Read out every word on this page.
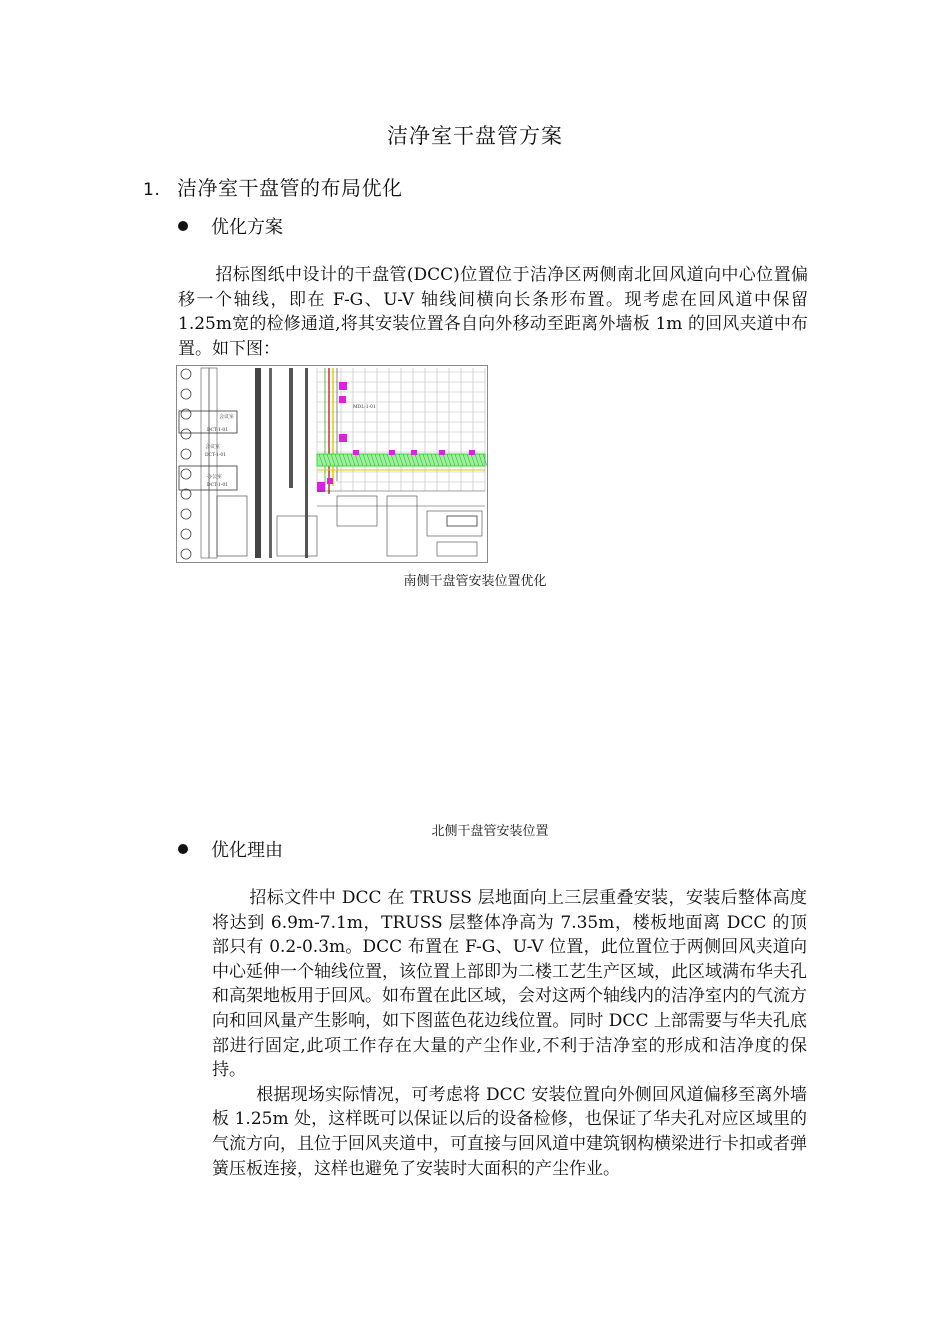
洁净室干盘管方案
1. 洁净室干盘管的布局优化
优化方案

招标图纸中设计的干盘管(DCC)位置位于洁净区两侧南北回风道向中心位置偏移一个轴线，即在 F-G、U-V 轴线间横向长条形布置。现考虑在回风道中保留1.25m宽的检修通道,将其安装位置各自向外移动至距离外墙板 1m 的回风夹道中布置。如下图：

会议室
DCT-1-01
会议室
DCT-1-01
办公室
DCT-1-01
MDL-1-01
南侧干盘管安装位置优化
北侧干盘管安装位置
优化理由

招标文件中 DCC 在 TRUSS 层地面向上三层重叠安装，安装后整体高度将达到 6.9m-7.1m，TRUSS 层整体净高为 7.35m，楼板地面离 DCC 的顶部只有 0.2-0.3m。DCC 布置在 F-G、U-V 位置，此位置位于两侧回风夹道向中心延伸一个轴线位置，该位置上部即为二楼工艺生产区域，此区域满布华夫孔和高架地板用于回风。如布置在此区域，会对这两个轴线内的洁净室内的气流方向和回风量产生影响，如下图蓝色花边线位置。同时 DCC 上部需要与华夫孔底部进行固定,此项工作存在大量的产尘作业,不利于洁净室的形成和洁净度的保持。

根据现场实际情况，可考虑将 DCC 安装位置向外侧回风道偏移至离外墙板 1.25m 处，这样既可以保证以后的设备检修，也保证了华夫孔对应区域里的气流方向，且位于回风夹道中，可直接与回风道中建筑钢构横梁进行卡扣或者弹簧压板连接，这样也避免了安装时大面积的产尘作业。
